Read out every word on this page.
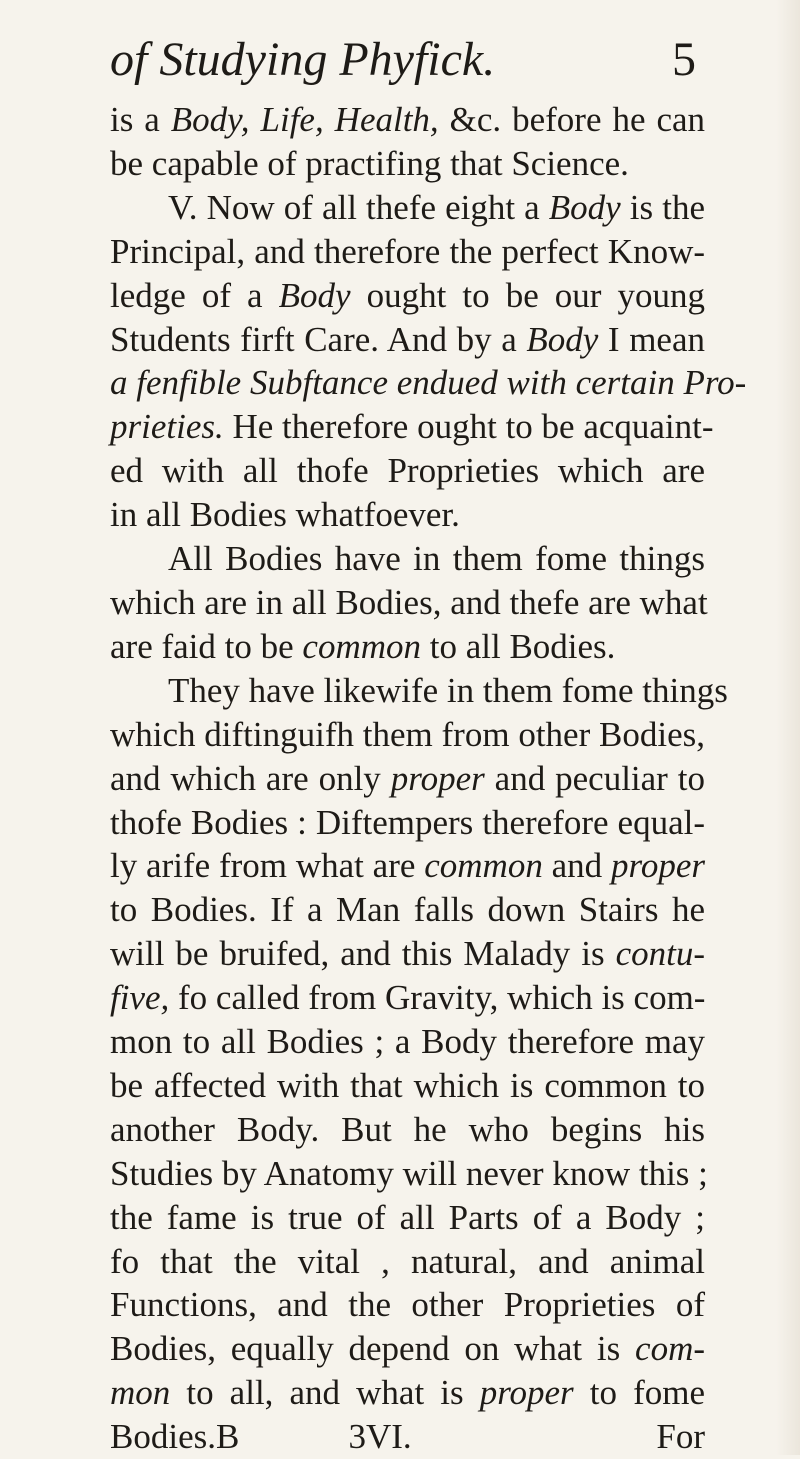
of Studying Phyfick.	5
is a Body, Life, Health, &c. before he can
be capable of practifing that Science.
V. Now of all thefe eight a Body is the
Principal, and therefore the perfect Know-
ledge of a Body ought to be our young
Students firft Care. And by a Body I mean
a fenfible Subftance endued with certain Pro-
prieties. He therefore ought to be acquaint-
ed with all thofe Proprieties which are
in all Bodies whatfoever.
All Bodies have in them fome things
which are in all Bodies, and thefe are what
are faid to be common to all Bodies.
They have likewife in them fome things
which diftinguifh them from other Bodies,
and which are only proper and peculiar to
thofe Bodies : Diftempers therefore equal-
ly arife from what are common and proper
to Bodies. If a Man falls down Stairs he
will be bruifed, and this Malady is contu-
five, fo called from Gravity, which is com-
mon to all Bodies ; a Body therefore may
be affected with that which is common to
another Body. But he who begins his
Studies by Anatomy will never know this ;
the fame is true of all Parts of a Body ;
fo that the vital , natural, and animal
Functions, and the other Proprieties of
Bodies, equally depend on what is com-
mon to all, and what is proper to fome
Bodies.B 3VI. For
